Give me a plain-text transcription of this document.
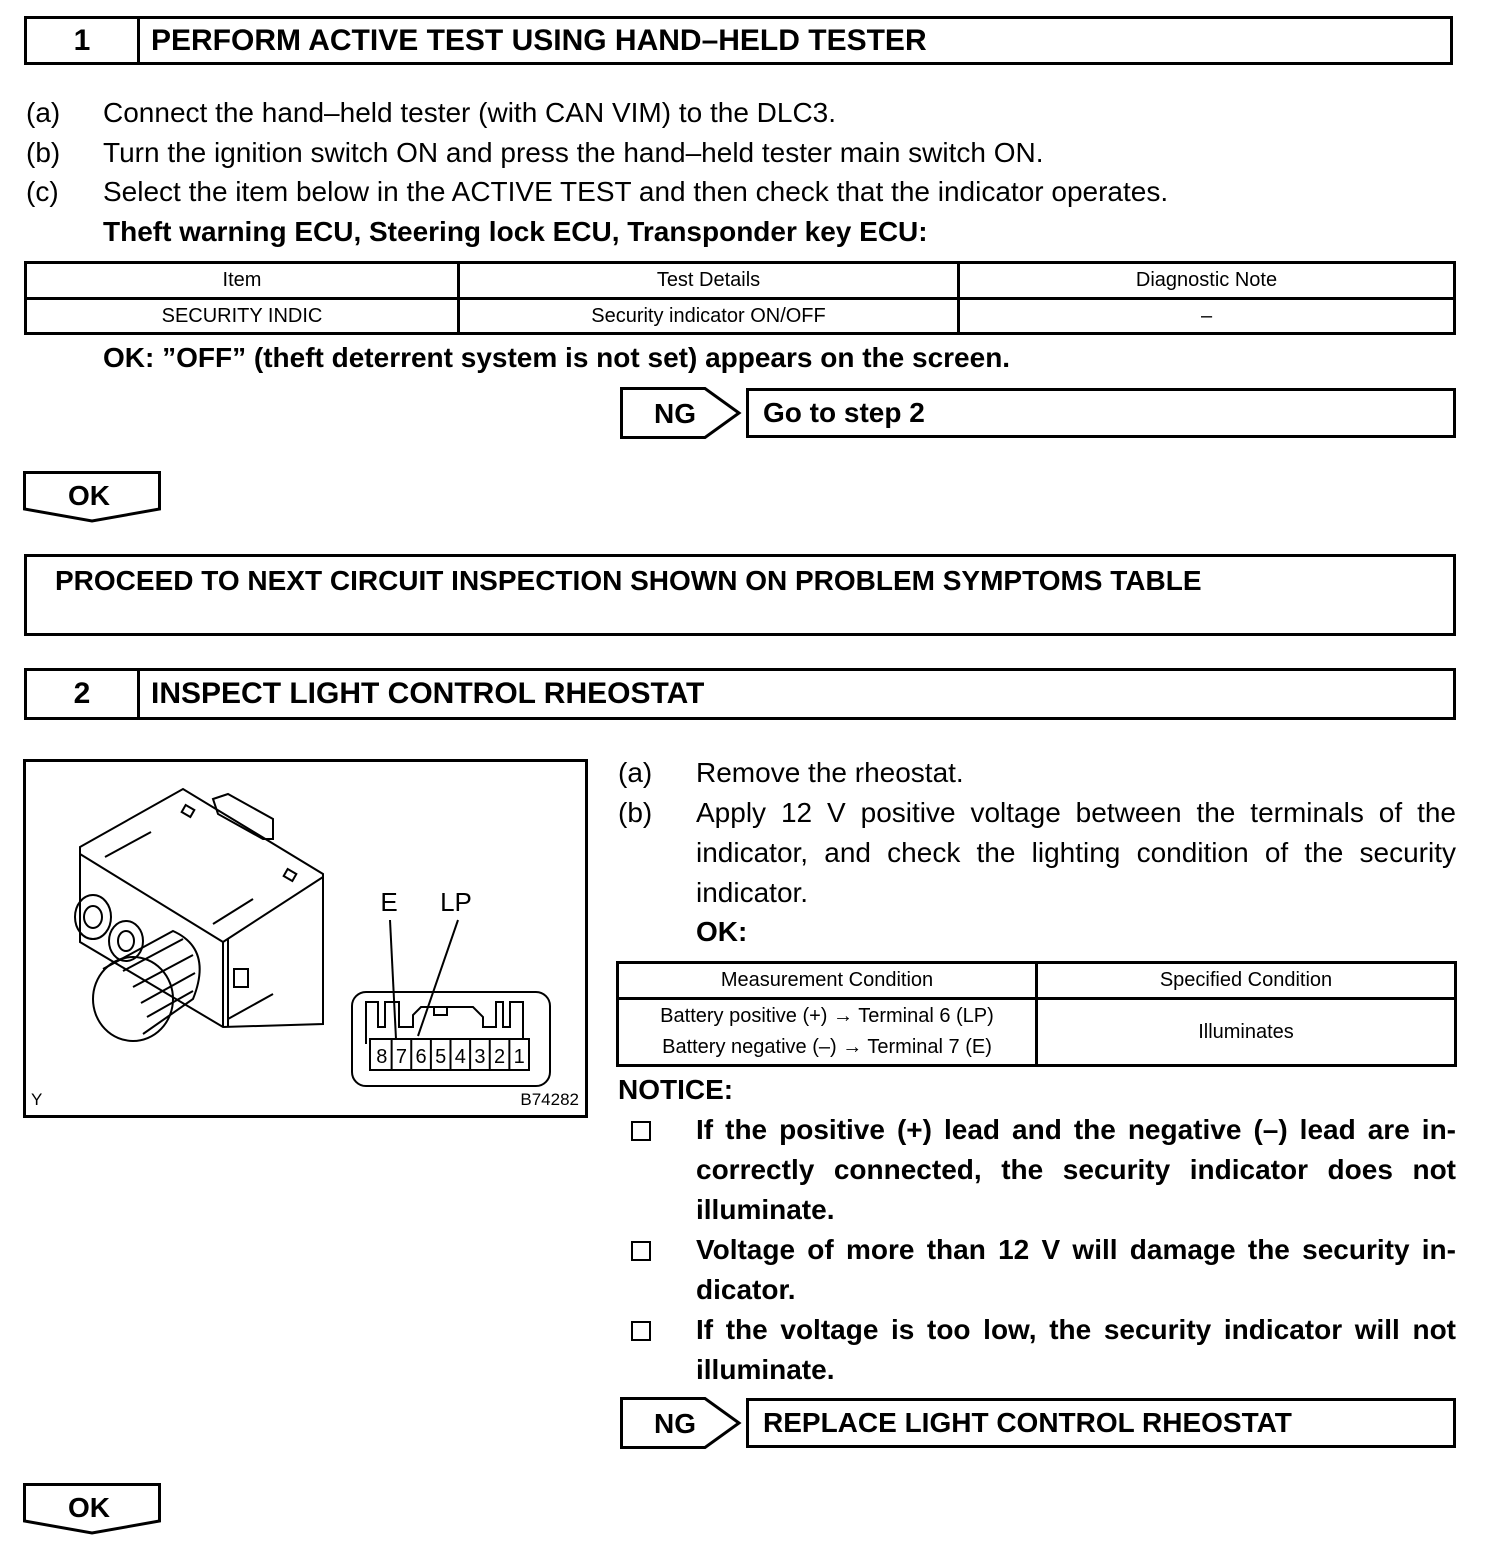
1	PERFORM ACTIVE TEST USING HAND–HELD TESTER
(a) Connect the hand–held tester (with CAN VIM) to the DLC3.
(b) Turn the ignition switch ON and press the hand–held tester main switch ON.
(c) Select the item below in the ACTIVE TEST and then check that the indicator operates.
Theft warning ECU, Steering lock ECU, Transponder key ECU:
Item	Test Details	Diagnostic Note
SECURITY INDIC	Security indicator ON/OFF	–
OK: ”OFF” (theft deterrent system is not set) appears on the screen.
NG Go to step 2
OK
PROCEED TO NEXT CIRCUIT INSPECTION SHOWN ON PROBLEM SYMPTOMS TABLE
2	INSPECT LIGHT CONTROL RHEOSTAT
8 7 6 5 4 3 2 1
E LP
Y	B74282
(a) Remove the rheostat.
(b) Apply 12 V positive voltage between the terminals of the
indicator, and check the lighting condition of the security
indicator.
OK:
Measurement Condition	Specified Condition

Battery positive (+) → Terminal 6 (LP)
Battery negative (–) → Terminal 7 (E)	Illuminates
NOTICE:
If the positive (+) lead and the negative (–) lead are incorrectly connected, the security indicator does not illuminate.
Voltage of more than 12 V will damage the security indicator.
If the voltage is too low, the security indicator will not illuminate.
NG REPLACE LIGHT CONTROL RHEOSTAT
OK
